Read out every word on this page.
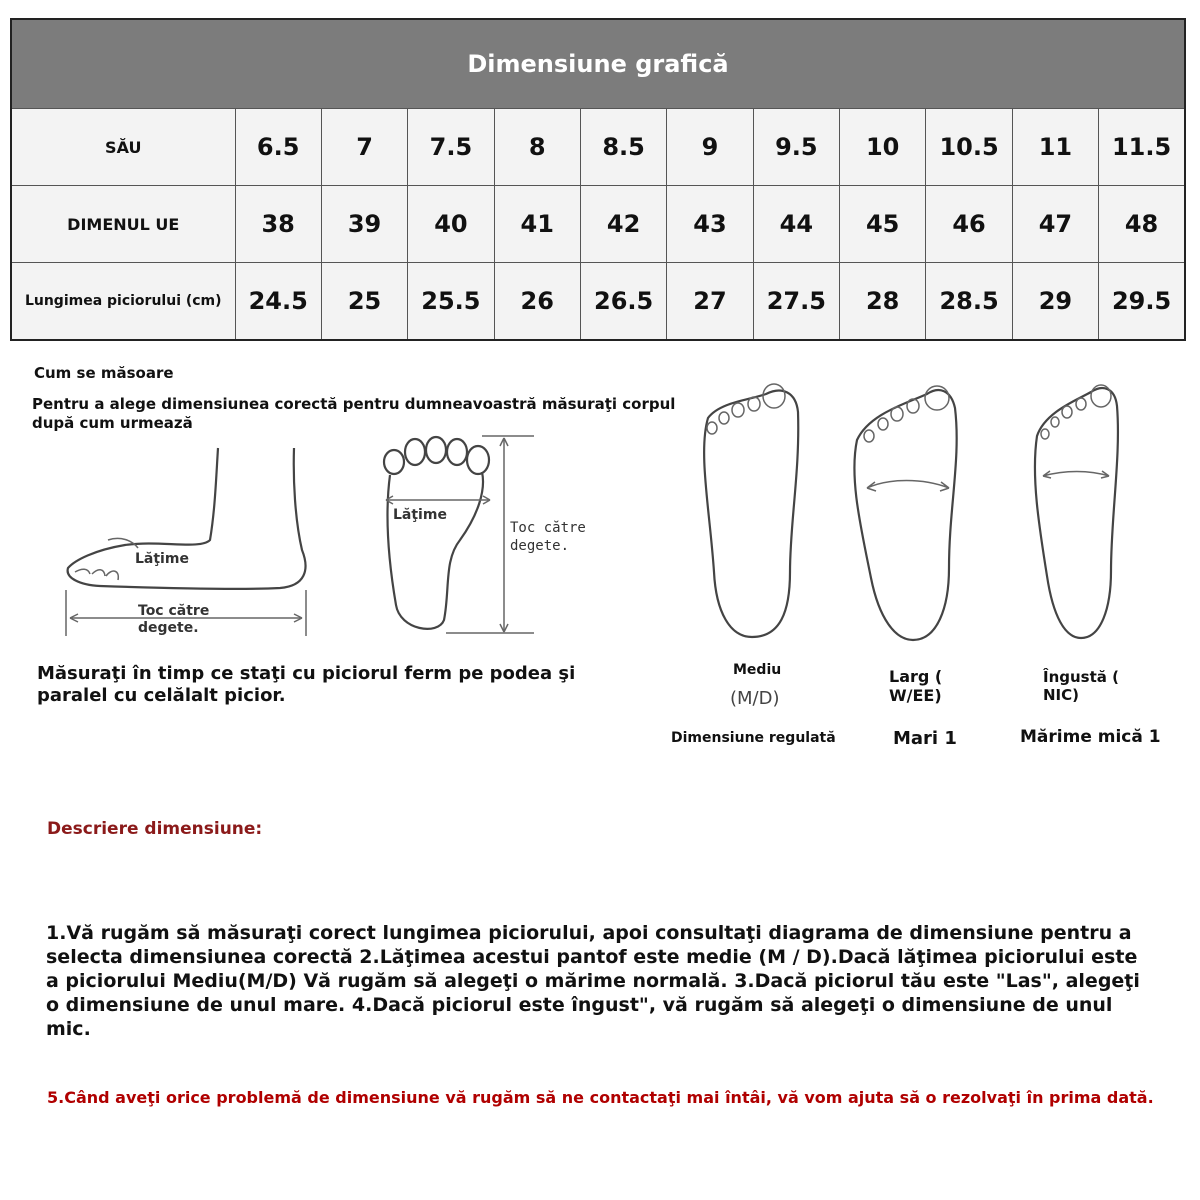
Dimensiune grafică											
SĂU	6.5	7	7.5	8	8.5	9	9.5	10	10.5	11	11.5
DIMENUL UE	38	39	40	41	42	43	44	45	46	47	48
Lungimea piciorului (cm)	24.5	25	25.5	26	26.5	27	27.5	28	28.5	29	29.5
Cum se măsoare
Pentru a alege dimensiunea corectă pentru dumneavoastră măsuraţi corpul după cum urmează
Lăţime
Toc către
degete.
Lăţime
Toc către
degete.
Măsuraţi în timp ce staţi cu piciorul ferm pe podea şi paralel cu celălalt picior.
Mediu
(M/D)
Dimensiune regulată
Larg (
W/EE)
Mari 1
Îngustă (
NIC)
Mărime mică 1
Descriere dimensiune:
1.Vă rugăm să măsuraţi corect lungimea piciorului, apoi consultaţi diagrama de dimensiune pentru a selecta dimensiunea corectă 2.Lăţimea acestui pantof este medie (M / D).Dacă lăţimea piciorului este a piciorului Mediu(M/D) Vă rugăm să alegeţi o mărime normală. 3.Dacă piciorul tău este "Las", alegeţi o dimensiune de unul mare. 4.Dacă piciorul este îngust", vă rugăm să alegeţi o dimensiune de unul mic.
5.Când aveţi orice problemă de dimensiune vă rugăm să ne contactaţi mai întâi, vă vom ajuta să o rezolvaţi în prima dată.
